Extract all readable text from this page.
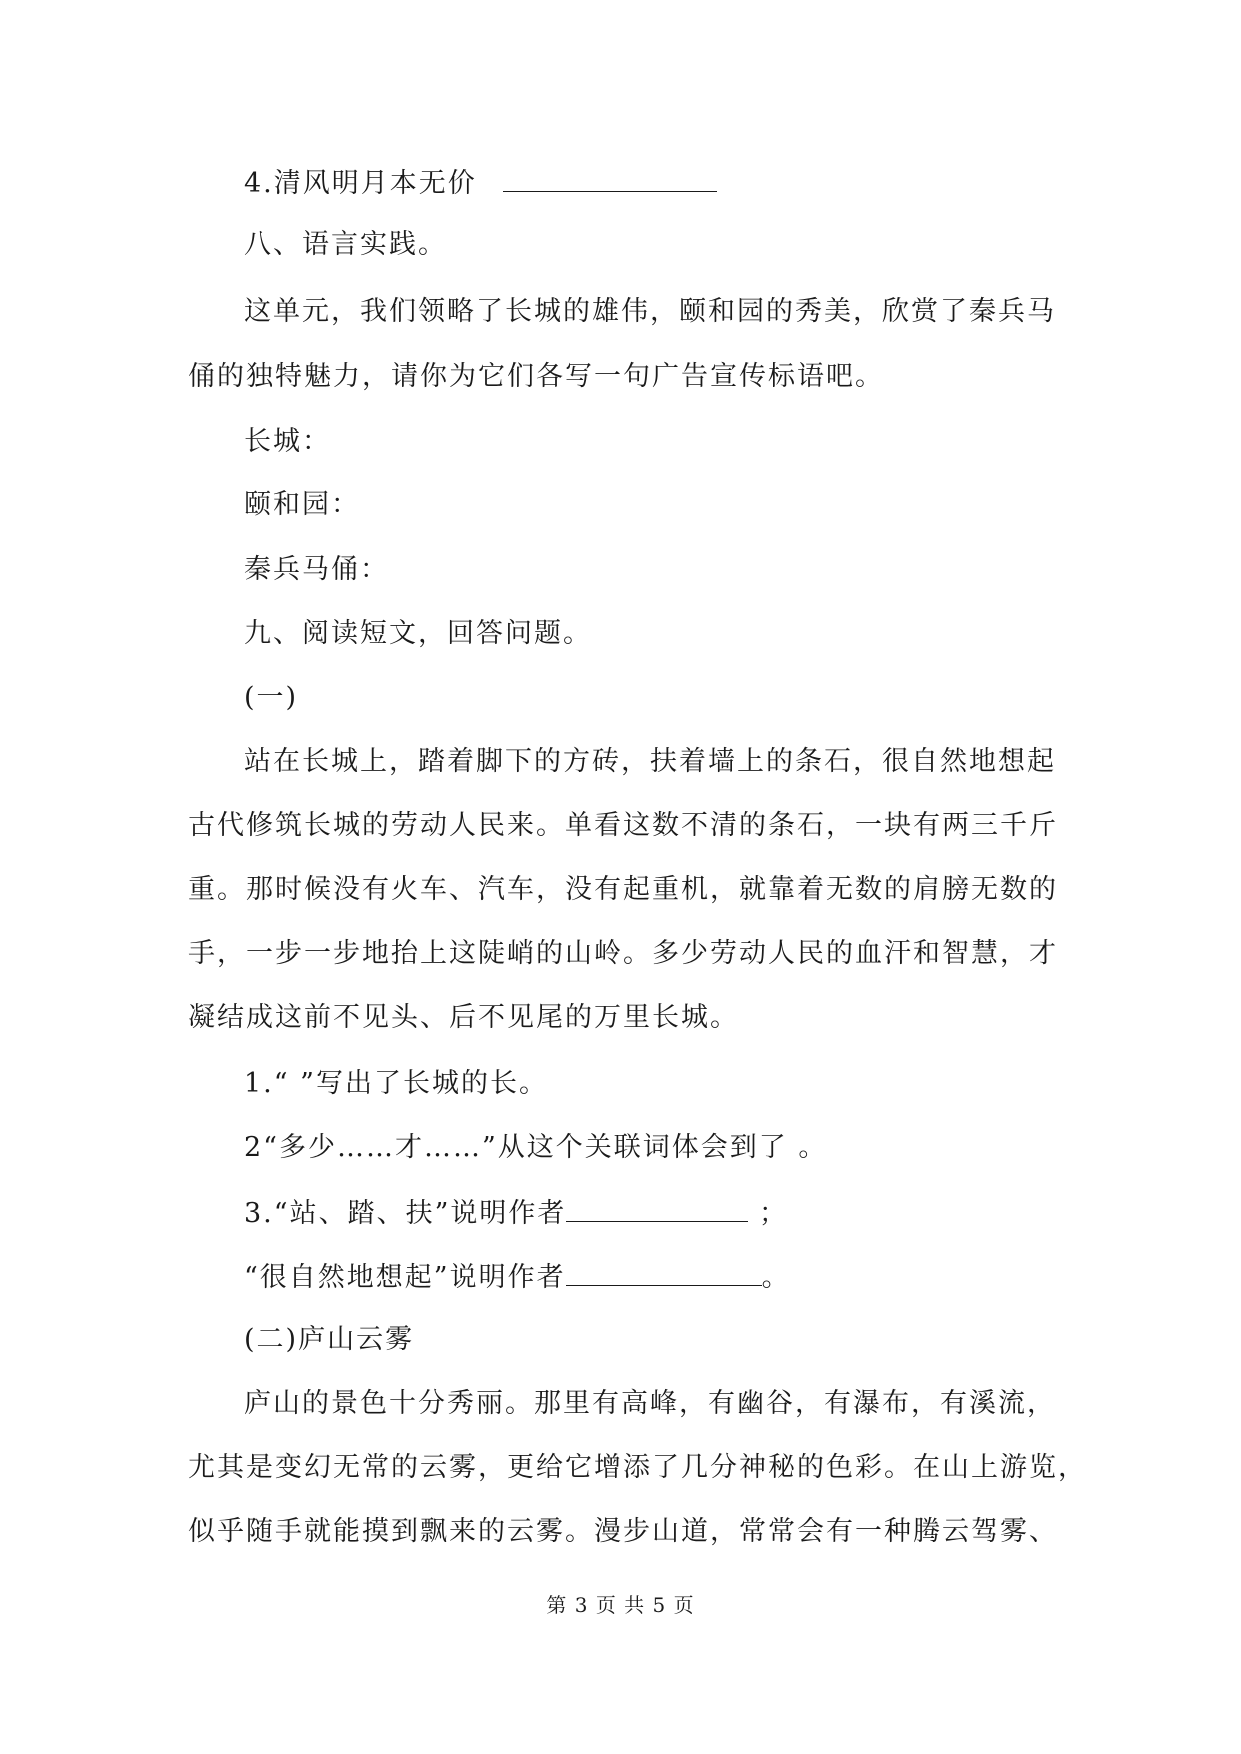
4.清风明月本无价
八、语言实践。
这单元，我们领略了长城的雄伟，颐和园的秀美，欣赏了秦兵马
俑的独特魅力，请你为它们各写一句广告宣传标语吧。
长城：
颐和园：
秦兵马俑：
九、阅读短文，回答问题。
(一)
站在长城上，踏着脚下的方砖，扶着墙上的条石，很自然地想起
古代修筑长城的劳动人民来。单看这数不清的条石，一块有两三千斤
重。那时候没有火车、汽车，没有起重机，就靠着无数的肩膀无数的
手，一步一步地抬上这陡峭的山岭。多少劳动人民的血汗和智慧，才
凝结成这前不见头、后不见尾的万里长城。
1.“ ”写出了长城的长。
2“多少……才……”从这个关联词体会到了 。
3.“站、踏、扶”说明作者	；
“很自然地想起”说明作者	。
(二)庐山云雾
庐山的景色十分秀丽。那里有高峰，有幽谷，有瀑布，有溪流，
尤其是变幻无常的云雾，更给它增添了几分神秘的色彩。在山上游览，
似乎随手就能摸到飘来的云雾。漫步山道，常常会有一种腾云驾雾、
第 3 页 共 5 页
